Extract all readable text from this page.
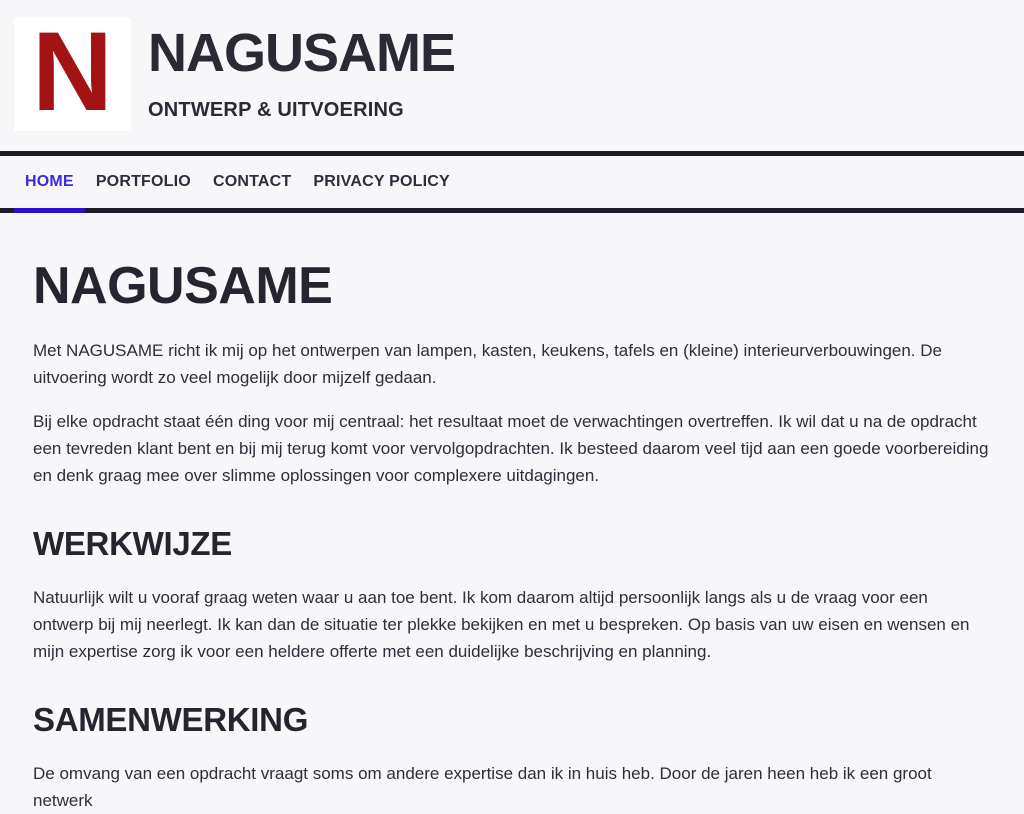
N NAGUSAME
ONTWERP & UITVOERING
HOME	PORTFOLIO	CONTACT	PRIVACY POLICY
NAGUSAME

Met NAGUSAME richt ik mij op het ontwerpen van lampen, kasten, keukens, tafels en (kleine) interieurverbouwingen. De uitvoering wordt zo veel mogelijk door mijzelf gedaan.

Bij elke opdracht staat één ding voor mij centraal: het resultaat moet de verwachtingen overtreffen. Ik wil dat u na de opdracht een tevreden klant bent en bij mij terug komt voor vervolgopdrachten. Ik besteed daarom veel tijd aan een goede voorbereiding en denk graag mee over slimme oplossingen voor complexere uitdagingen.

WERKWIJZE

Natuurlijk wilt u vooraf graag weten waar u aan toe bent. Ik kom daarom altijd persoonlijk langs als u de vraag voor een ontwerp bij mij neerlegt. Ik kan dan de situatie ter plekke bekijken en met u bespreken. Op basis van uw eisen en wensen en mijn expertise zorg ik voor een heldere offerte met een duidelijke beschrijving en planning.

SAMENWERKING

De omvang van een opdracht vraagt soms om andere expertise dan ik in huis heb. Door de jaren heen heb ik een groot netwerk
